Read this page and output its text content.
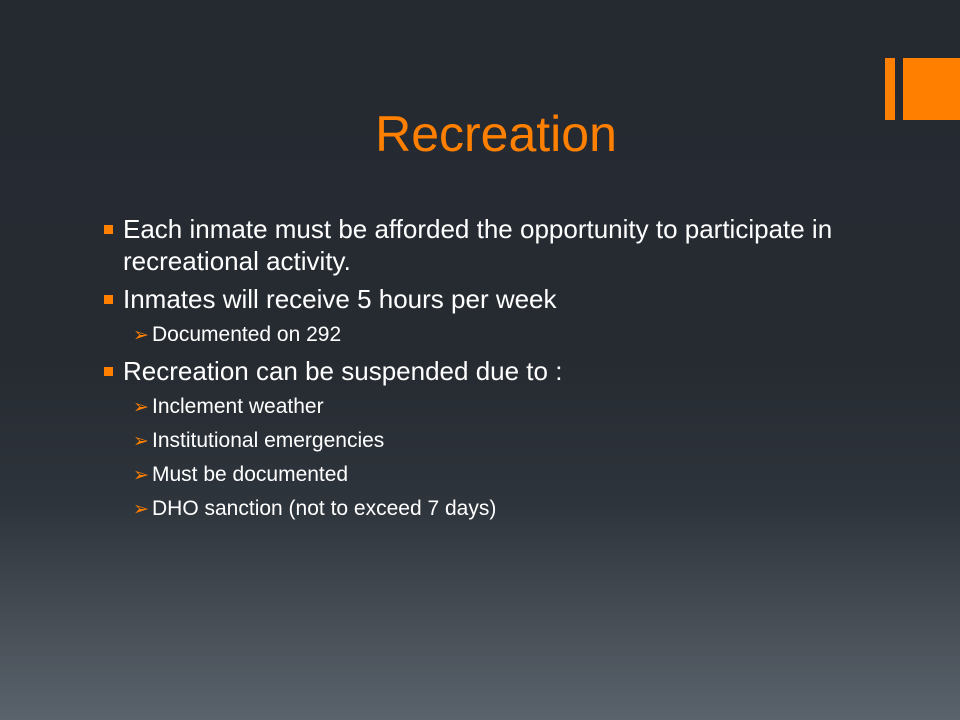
Recreation
Each inmate must be afforded the opportunity to participate in recreational activity.
Inmates will receive 5 hours per week
➢ Documented on 292
Recreation can be suspended due to :
➢ Inclement weather
➢ Institutional emergencies
➢ Must be documented
➢ DHO sanction (not to exceed 7 days)
